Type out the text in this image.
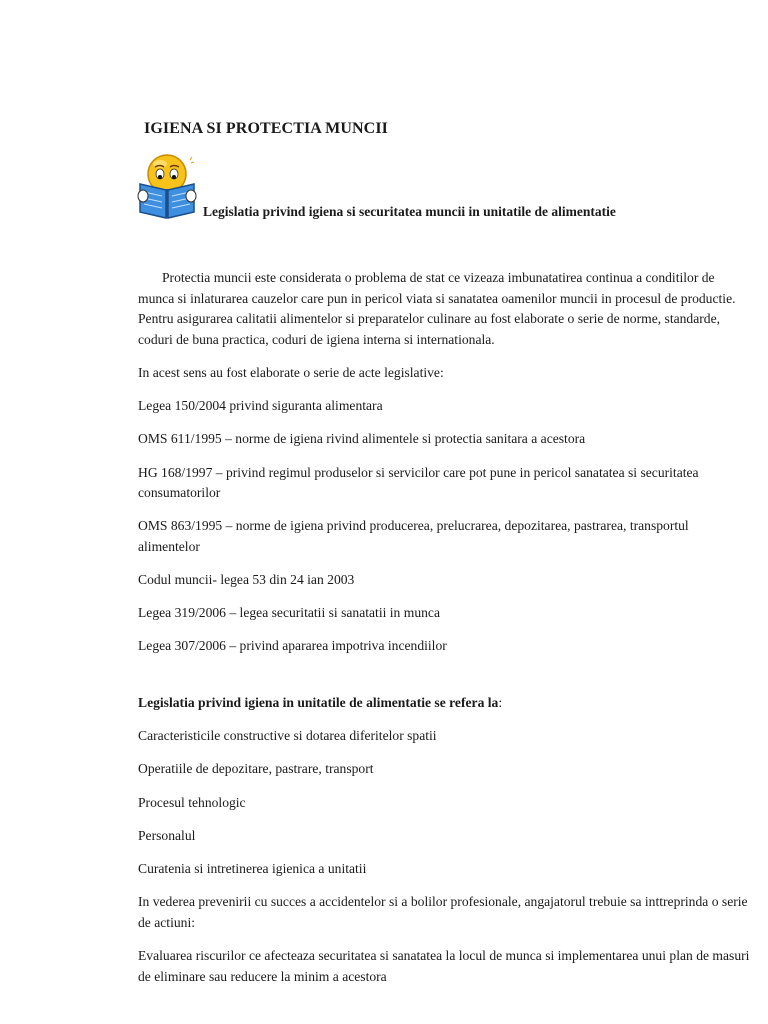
IGIENA SI PROTECTIA MUNCII
Legislatia privind igiena si securitatea muncii in unitatile de alimentatie

Protectia muncii este considerata o problema de stat ce vizeaza imbunatatirea continua a conditilor de munca si inlaturarea cauzelor care pun in pericol viata si sanatatea oamenilor muncii in procesul de productie. Pentru asigurarea calitatii alimentelor si preparatelor culinare au fost elaborate o serie de norme, standarde, coduri de buna practica, coduri de igiena interna si internationala.

In acest sens au fost elaborate o serie de acte legislative:

Legea 150/2004 privind siguranta alimentara

OMS 611/1995 – norme de igiena rivind alimentele si protectia sanitara a acestora

HG 168/1997 – privind regimul produselor si servicilor care pot pune in pericol sanatatea si securitatea consumatorilor

OMS 863/1995 – norme de igiena privind producerea, prelucrarea, depozitarea, pastrarea, transportul alimentelor

Codul muncii- legea 53 din 24 ian 2003

Legea 319/2006 – legea securitatii si sanatatii in munca

Legea 307/2006 – privind apararea impotriva incendiilor

Legislatia privind igiena in unitatile de alimentatie se refera la:

Caracteristicile constructive si dotarea diferitelor spatii

Operatiile de depozitare, pastrare, transport

Procesul tehnologic

Personalul

Curatenia si intretinerea igienica a unitatii

In vederea prevenirii cu succes a accidentelor si a bolilor profesionale, angajatorul trebuie sa inttreprinda o serie de actiuni:

Evaluarea riscurilor ce afecteaza securitatea si sanatatea la locul de munca si implementarea unui plan de masuri de eliminare sau reducere la minim a acestora
